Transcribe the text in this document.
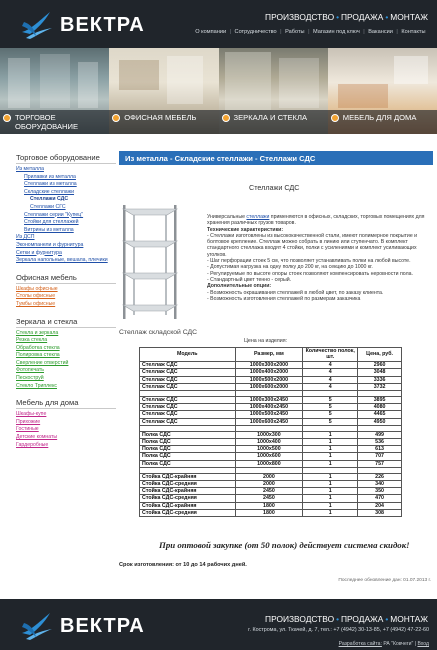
ВЕКТРА	ПРОИЗВОДСТВО • ПРОДАЖА • МОНТАЖ
О компании | Сотрудничество | Работы | Магазин под ключ | Вакансии | Контакты
ТОРГОВОЕ ОБОРУДОВАНИЕ
ОФИСНАЯ МЕБЕЛЬ	ЗЕРКАЛА И СТЕКЛА	МЕБЕЛЬ ДЛЯ ДОМА
Торговое оборудование
Из металла
Прилавки из металла
Стеллажи из металла
Складские стеллажи
Стеллажи СДС
Стеллажи СГС
Стеллажи серии "Купец"
Стойки для стеллажей
Витрины из металла
Из ДСП
Экономпанели и фурнитура
Сетки и фурнитура
Зеркала напольные, вешала, плечики
Офисная мебель
Шкафы офисные
Столы офисные
Тумбы офисные
Зеркала и стекла
Стекла и зеркала
Резка стекла
Обработка стекла
Полировка стекла
Сверление отверстий
Фотопечать
Пескоструй
Стекло Триплекс
Мебель для дома
Шкафы-купе
Прихожие
Гостиные
Детские комнаты
Гардеробные
Из металла - Складские стеллажи - Стеллажи СДС
Стеллажи СДС
Стеллаж складской СДС

Универсальные стеллажи применяются в офисных, складских, торговых помещениях для хранения различных грузов товаров.

Технические характеристики:

- Стеллажи изготовлены из высококачественной стали, имеют полимерное покрытие и болтовое крепление. Стеллаж можно собрать в линию или ступенчато. В комплект стандартного стеллажа входят 4 стойки, полки с усилениями и комплект усиливающих уголков.

- Шаг перфорации стоек 5 см, что позволяет устанавливать полки на любой высоте.

- Допустимая нагрузка на одну полку до 200 кг, на секцию до 1000 кг.

- Регулируемые по высоте опоры стоек позволяют компенсировать неровности пола.

- Стандартный цвет тенно - серый.

Дополнительные опции:

- Возможность окрашивания стеллажей в любой цвет, по заказу клиента.

- Возможность изготовления стеллажей по размерам заказчика

Цена на изделия:
Модель	Размер, мм	Количество полок, шт.	Цена, руб.
Стеллаж СДС	1000x300x2000	4	2960
Стеллаж СДС	1000x400x2000	4	3048
Стеллаж СДС	1000x500x2000	4	3336
Стеллаж СДС	1000x600x2000	4	3732

Стеллаж СДС	1000x300x2450	5	3895
Стеллаж СДС	1000x400x2450	5	4080
Стеллаж СДС	1000x500x2450	5	4465
Стеллаж СДС	1000x600x2450	5	4950

Полка СДС	1000x300	1	499
Полка СДС	1000x400	1	536
Полка СДС	1000x500	1	613
Полка СДС	1000x600	1	707
Полка СДС	1000x800	1	757

Стойка СДС-крайняя	2000	1	226
Стойка СДС-средняя	2000	1	340
Стойка СДС-крайняя	2450	1	350
Стойка СДС-средняя	2450	1	470
Стойка СДС-крайняя	1800	1	204
Стойка СДС-средняя	1800	1	308
При оптовой закупке (от 50 полок) действует система скидок!
Срок изготовления: от 10 до 14 рабочих дней.
Последнее обновление дан: 01.07.2013 г.
ВЕКТРА	ПРОИЗВОДСТВО • ПРОДАЖА • МОНТАЖ
г. Кострома, ул. Ткачей, д. 7, тел.: +7 (4942) 30-13-85, +7 (4942) 47-22-60
Разработка сайта: РА "Ковчеги" | Вход
